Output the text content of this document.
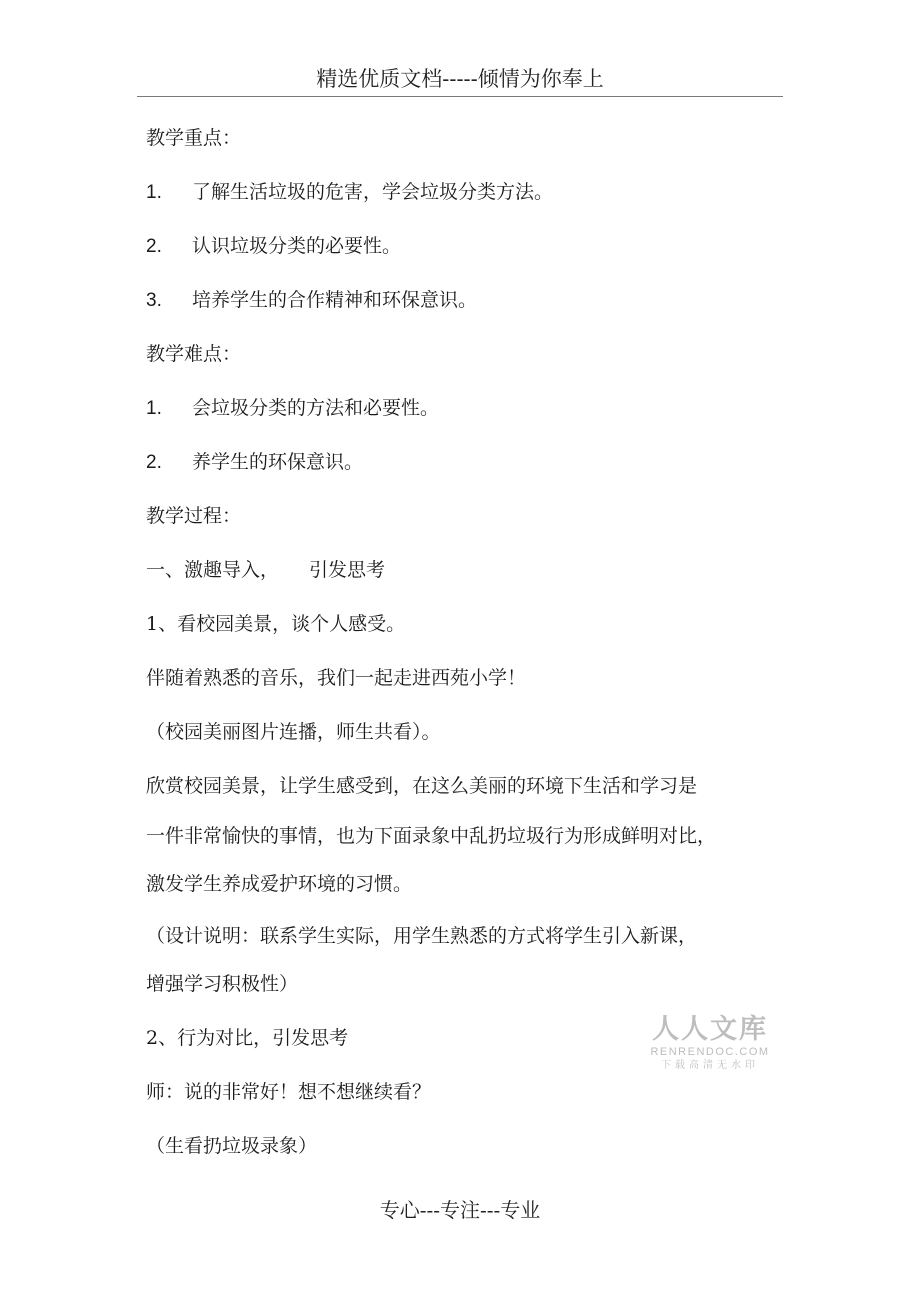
精选优质文档-----倾情为你奉上
教学重点：
1. 了解生活垃圾的危害，学会垃圾分类方法。
2. 认识垃圾分类的必要性。
3. 培养学生的合作精神和环保意识。
教学难点：
1. 会垃圾分类的方法和必要性。
2. 养学生的环保意识。
教学过程：
一、激趣导入， 引发思考
1、看校园美景，谈个人感受。
伴随着熟悉的音乐，我们一起走进西苑小学！
（校园美丽图片连播，师生共看）。
欣赏校园美景，让学生感受到，在这么美丽的环境下生活和学习是
一件非常愉快的事情，也为下面录象中乱扔垃圾行为形成鲜明对比，
激发学生养成爱护环境的习惯。
（设计说明：联系学生实际，用学生熟悉的方式将学生引入新课，
增强学习积极性）
2、行为对比，引发思考
师：说的非常好！想不想继续看？
（生看扔垃圾录象）
人人文库
RENRENDOC.COM
下载高清无水印
专心---专注---专业
